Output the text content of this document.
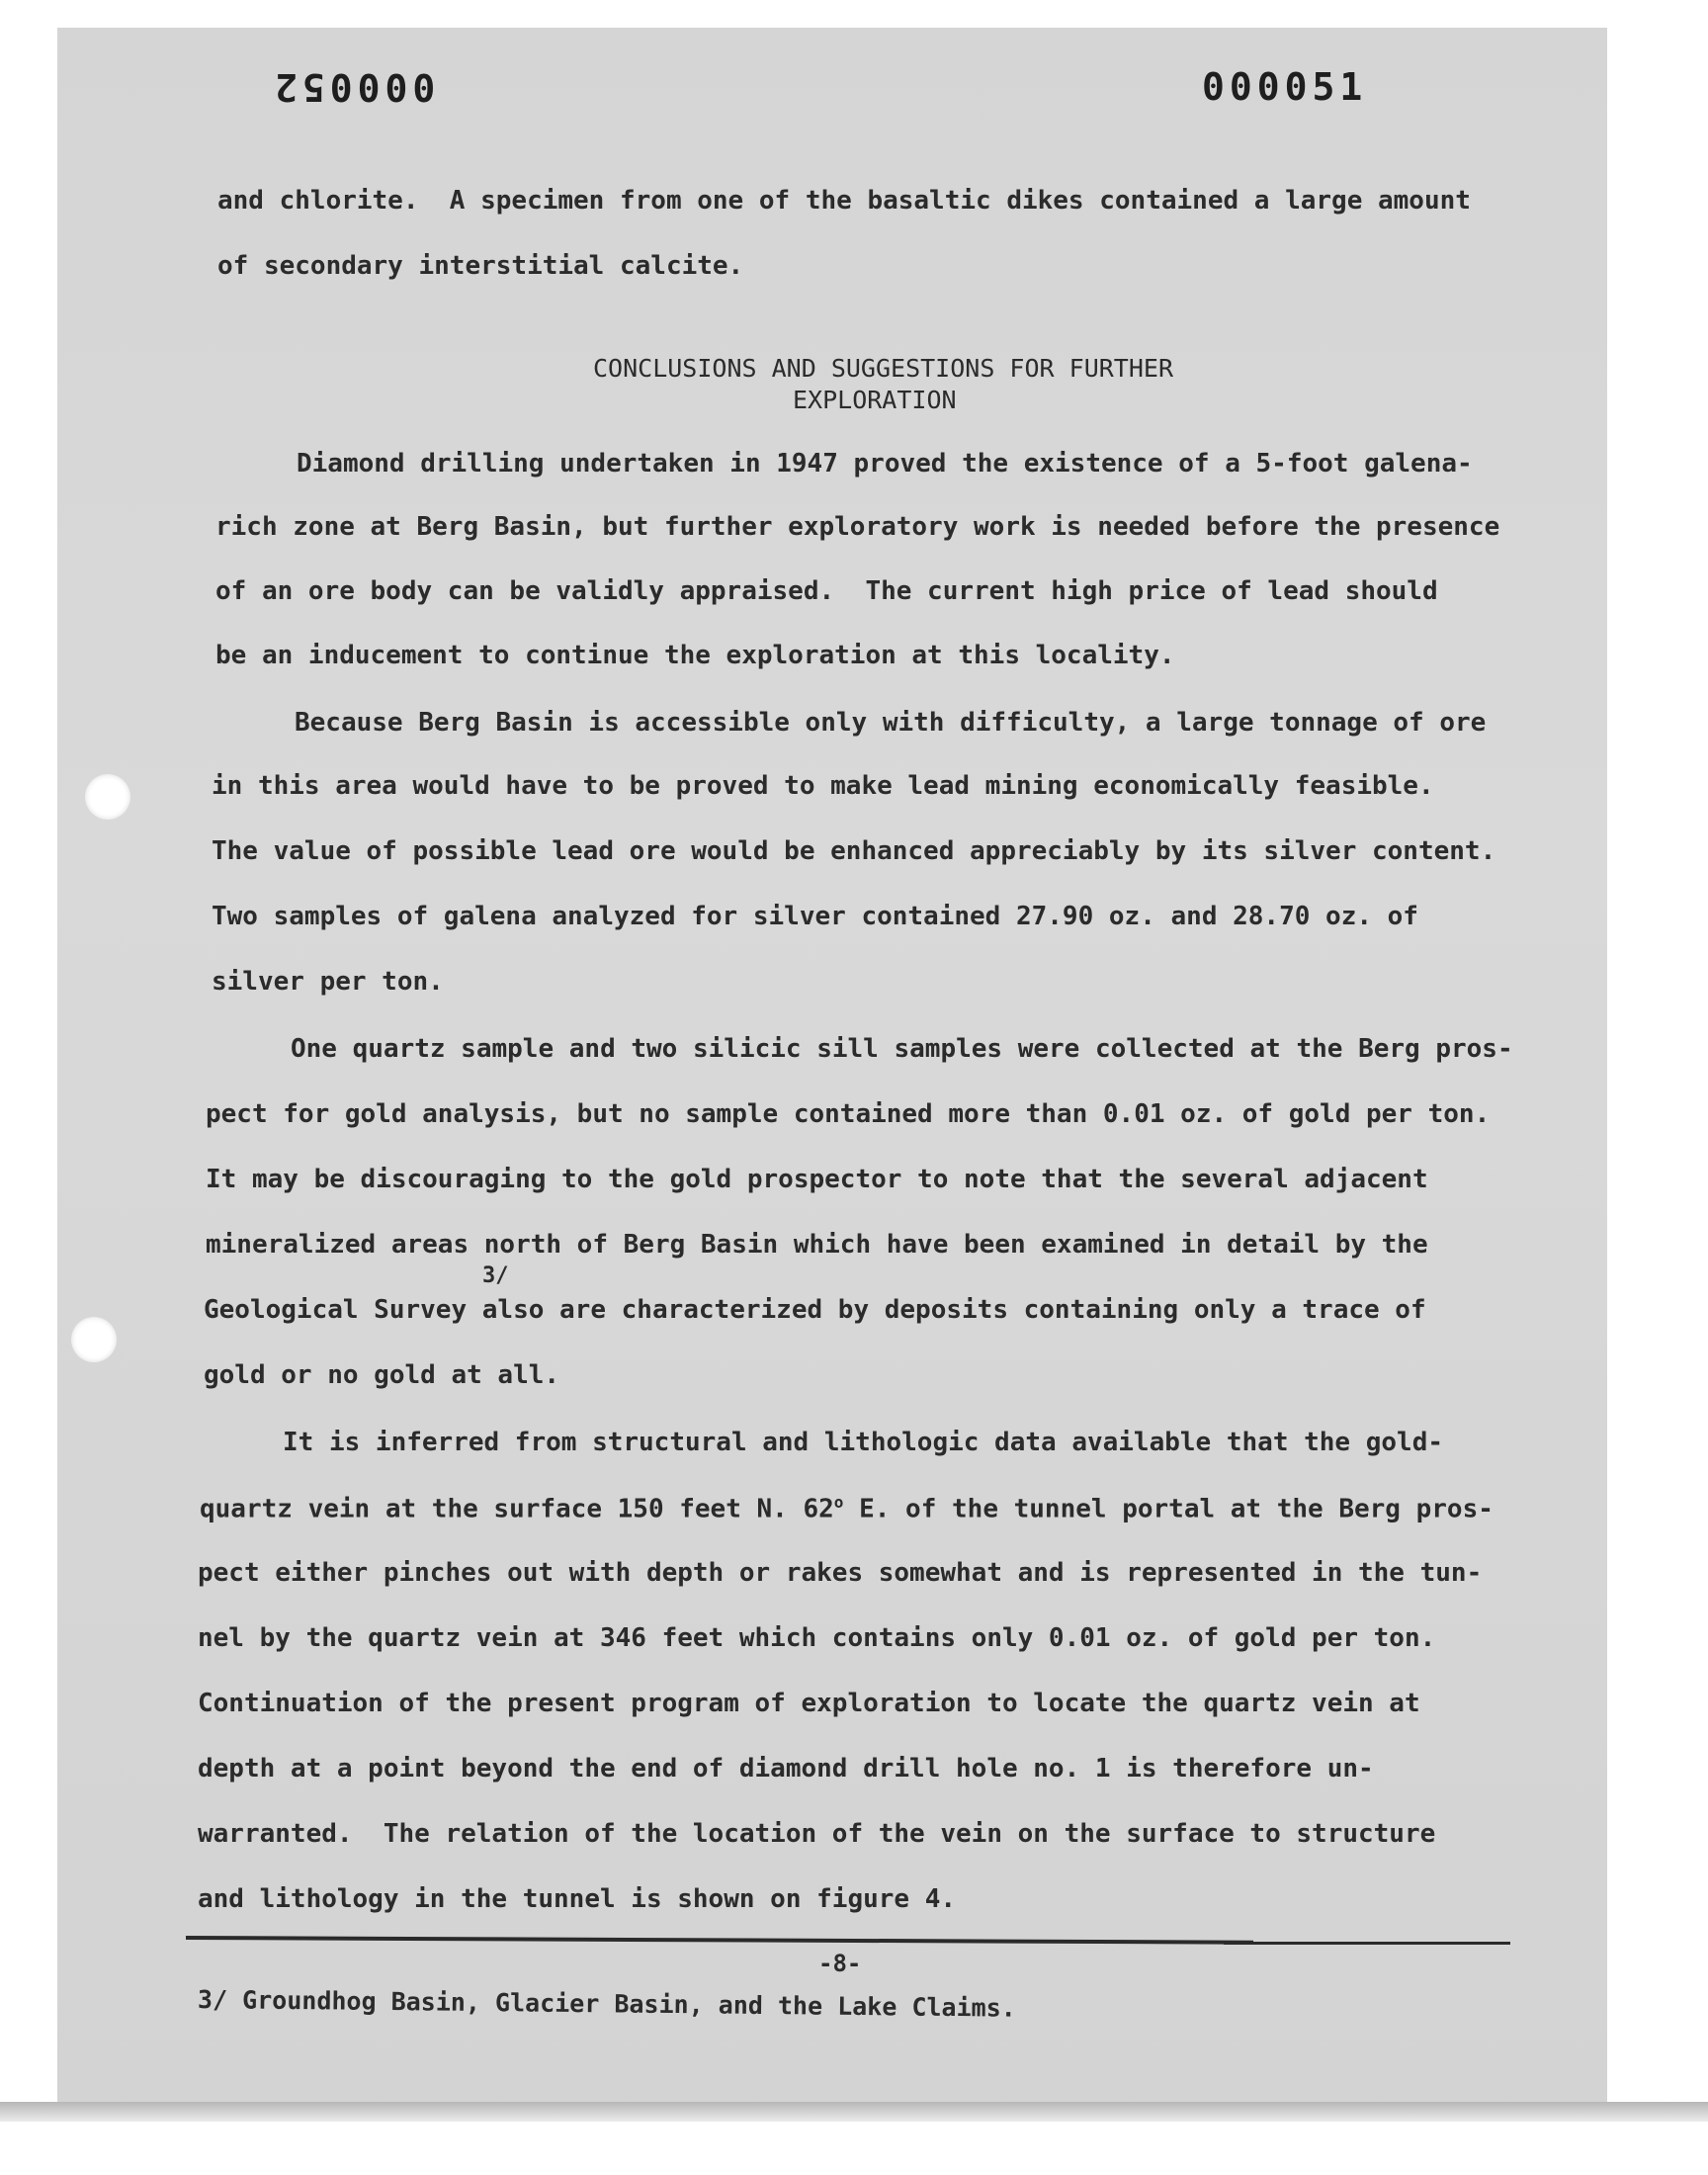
000052	000051
and chlorite.  A specimen from one of the basaltic dikes contained a large amount
of secondary interstitial calcite.
CONCLUSIONS AND SUGGESTIONS FOR FURTHER
EXPLORATION
Diamond drilling undertaken in 1947 proved the existence of a 5-foot galena-
rich zone at Berg Basin, but further exploratory work is needed before the presence
of an ore body can be validly appraised.  The current high price of lead should
be an inducement to continue the exploration at this locality.
Because Berg Basin is accessible only with difficulty, a large tonnage of ore
in this area would have to be proved to make lead mining economically feasible.
The value of possible lead ore would be enhanced appreciably by its silver content.
Two samples of galena analyzed for silver contained 27.90 oz. and 28.70 oz. of
silver per ton.
One quartz sample and two silicic sill samples were collected at the Berg pros-
pect for gold analysis, but no sample contained more than 0.01 oz. of gold per ton.
It may be discouraging to the gold prospector to note that the several adjacent
mineralized areas north of Berg Basin which have been examined in detail by the
3/
Geological Survey also are characterized by deposits containing only a trace of
gold or no gold at all.
It is inferred from structural and lithologic data available that the gold-
quartz vein at the surface 150 feet N. 62$^o$ E. of the tunnel portal at the Berg pros-
pect either pinches out with depth or rakes somewhat and is represented in the tun-
nel by the quartz vein at 346 feet which contains only 0.01 oz. of gold per ton.
Continuation of the present program of exploration to locate the quartz vein at
depth at a point beyond the end of diamond drill hole no. 1 is therefore un-
warranted.  The relation of the location of the vein on the surface to structure
and lithology in the tunnel is shown on figure 4.
-8-
3/ Groundhog Basin, Glacier Basin, and the Lake Claims.
